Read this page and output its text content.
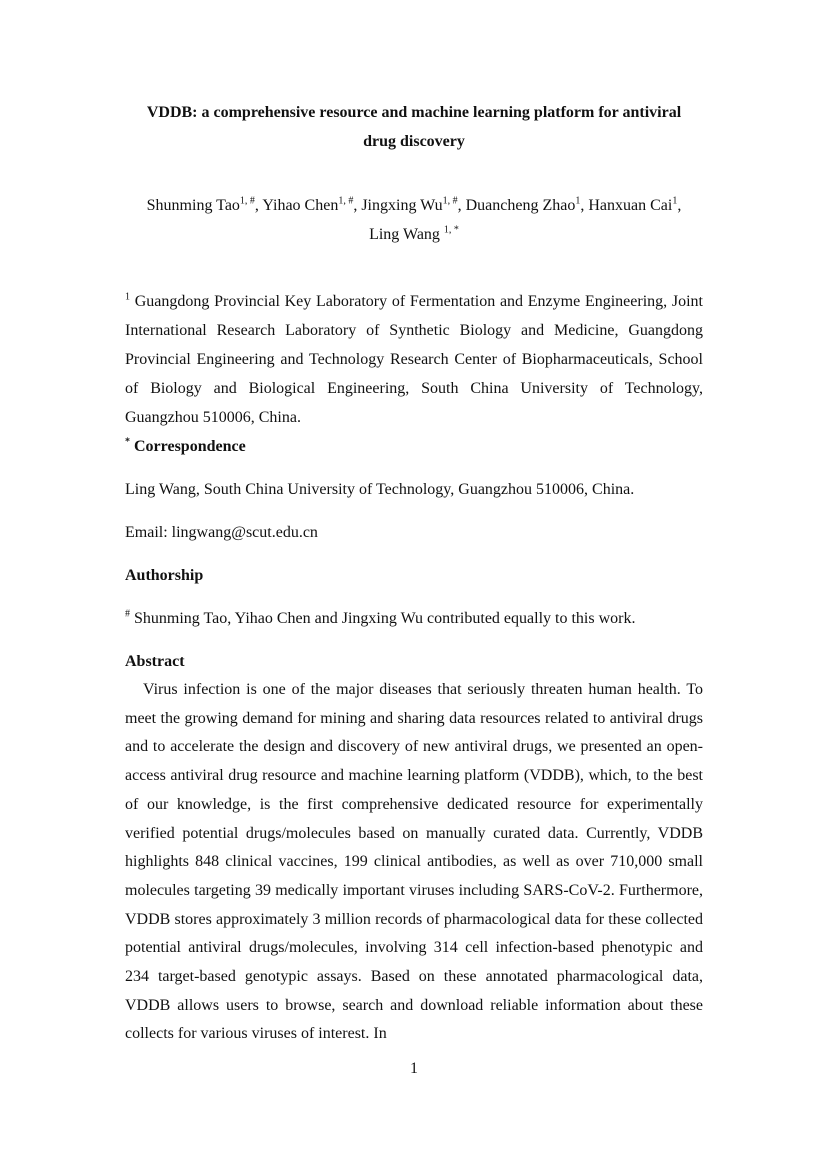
VDDB: a comprehensive resource and machine learning platform for antiviral drug discovery

Shunming Tao$^{1, \#}$, Yihao Chen$^{1, \#}$, Jingxing $Wu^{1, \#}$, Duancheng Zhao$^1$, Hanxuan Cai$^1$,
Ling Wang $^{1, *}$

$^1$ Guangdong Provincial Key Laboratory of Fermentation and Enzyme Engineering, Joint International Research Laboratory of Synthetic Biology and Medicine, Guangdong Provincial Engineering and Technology Research Center of Biopharmaceuticals, School of Biology and Biological Engineering, South China University of Technology, Guangzhou 510006, China.

* Correspondence

Ling Wang, South China University of Technology, Guangzhou 510006, China.

Email: lingwang@scut.edu.cn

Authorship

# Shunming Tao, Yihao Chen and Jingxing Wu contributed equally to this work.

Abstract

Virus infection is one of the major diseases that seriously threaten human health. To meet the growing demand for mining and sharing data resources related to antiviral drugs and to accelerate the design and discovery of new antiviral drugs, we presented an open-access antiviral drug resource and machine learning platform (VDDB), which, to the best of our knowledge, is the first comprehensive dedicated resource for experimentally verified potential drugs/molecules based on manually curated data. Currently, VDDB highlights 848 clinical vaccines, 199 clinical antibodies, as well as over 710,000 small molecules targeting 39 medically important viruses including SARS-CoV-2. Furthermore, VDDB stores approximately 3 million records of pharmacological data for these collected potential antiviral drugs/molecules, involving 314 cell infection-based phenotypic and 234 target-based genotypic assays. Based on these annotated pharmacological data, VDDB allows users to browse, search and download reliable information about these collects for various viruses of interest. In

1
